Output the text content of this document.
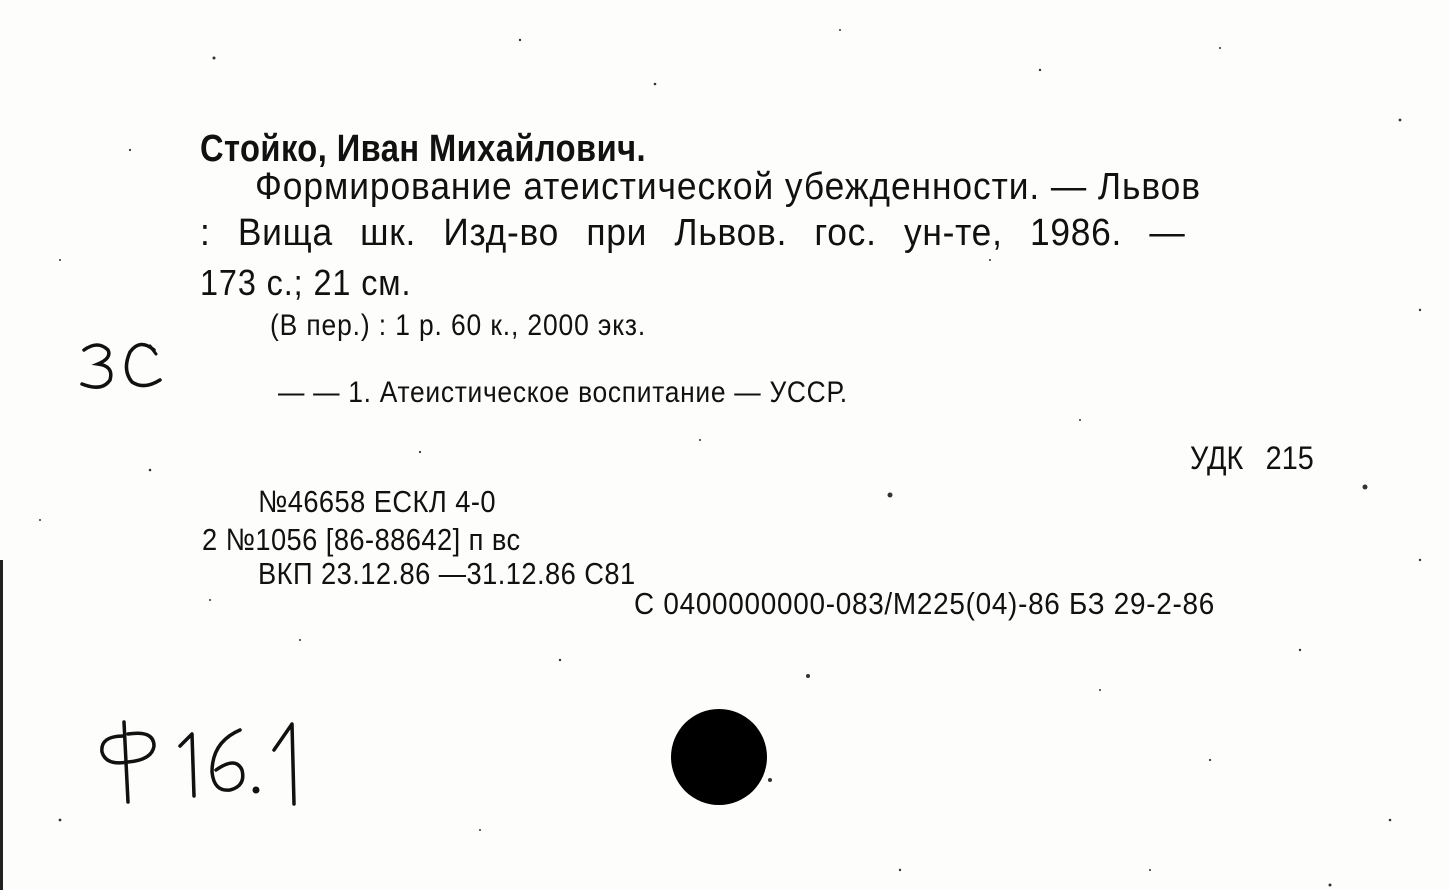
Стойко, Иван Михайлович.
Формирование атеистической убежденности. — Львов
: Вища шк. Изд-во при Львов. гос. ун-те, 1986. —
173 с.; 21 см.
(В пер.) : 1 р. 60 к., 2000 экз.
— — 1. Атеистическое воспитание — УССР.
УДК 215
№46658 ЕСКЛ 4-0
2 №1056 [86-88642] п вс
ВКП 23.12.86 —31.12.86 С81
С 0400000000-083/М225(04)-86 БЗ 29-2-86
